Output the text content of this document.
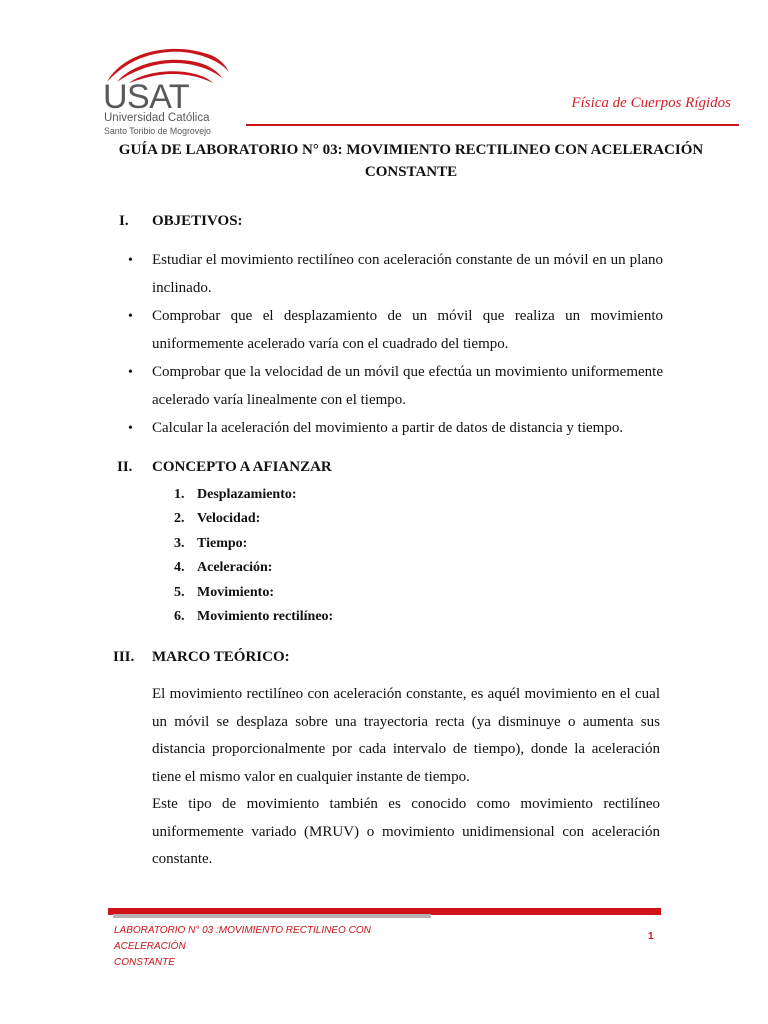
USAT
Universidad Católica
Santo Toribio de Mogrovejo
Física de Cuerpos Rígidos
GUÍA DE LABORATORIO N° 03: MOVIMIENTO RECTILINEO CON ACELERACIÓN
CONSTANTE
I. OBJETIVOS:
• Estudiar el movimiento rectilíneo con aceleración constante de un móvil en un plano inclinado.
• Comprobar que el desplazamiento de un móvil que realiza un movimiento uniformemente acelerado varía con el cuadrado del tiempo.
• Comprobar que la velocidad de un móvil que efectúa un movimiento uniformemente acelerado varía linealmente con el tiempo.
• Calcular la aceleración del movimiento a partir de datos de distancia y tiempo.
II. CONCEPTO A AFIANZAR
1. Desplazamiento:
2. Velocidad:
3. Tiempo:
4. Aceleración:
5. Movimiento:
6. Movimiento rectilíneo:
III. MARCO TEÓRICO:

El movimiento rectilíneo con aceleración constante, es aquél movimiento en el cual un móvil se desplaza sobre una trayectoria recta (ya disminuye o aumenta sus distancia proporcionalmente por cada intervalo de tiempo), donde la aceleración tiene el mismo valor en cualquier instante de tiempo.

Este tipo de movimiento también es conocido como movimiento rectilíneo uniformemente variado (MRUV) o movimiento unidimensional con aceleración constante.

LABORATORIO N° 03 :MOVIMIENTO RECTILINEO CON ACELERACIÓN
CONSTANTE
1
